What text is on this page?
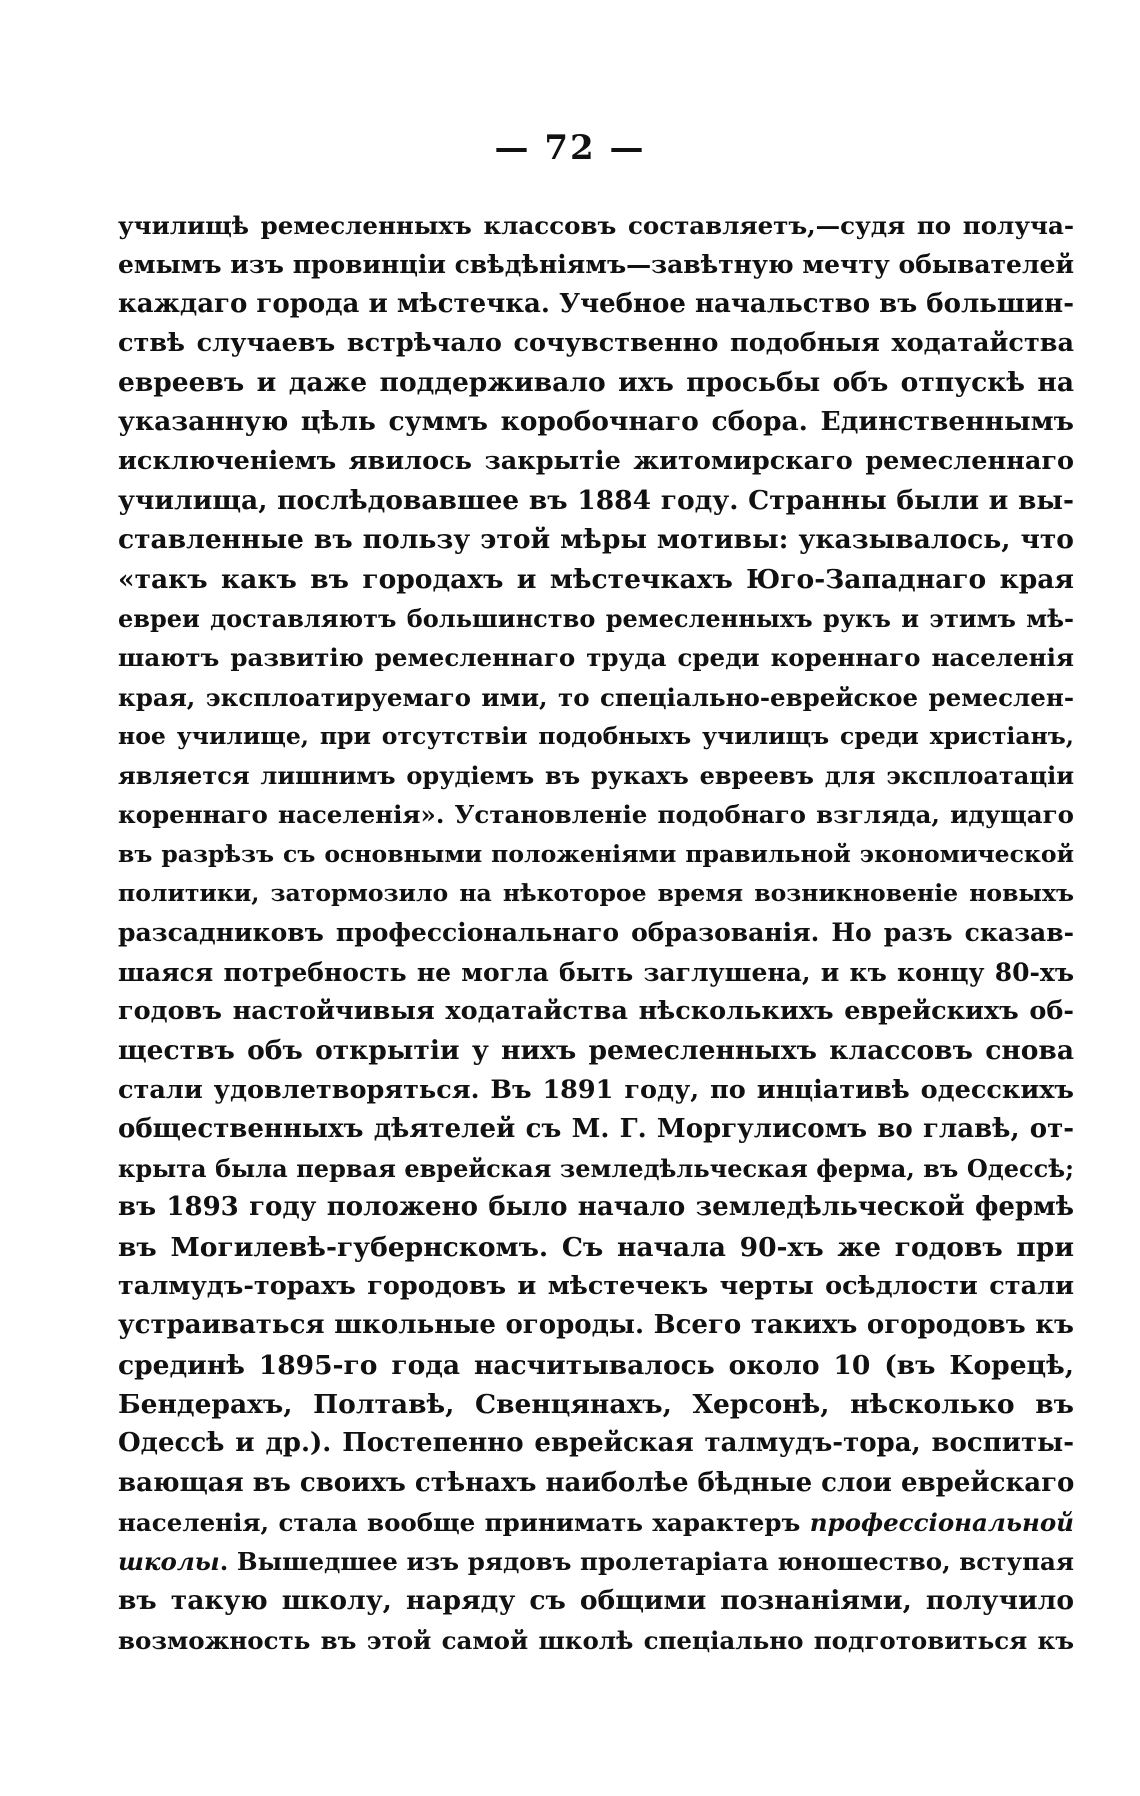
— 72 —
училищѣ ремесленныхъ классовъ составляетъ,—судя по получа-
емымъ изъ провинціи свѣдѣніямъ—завѣтную мечту обывателей
каждаго города и мѣстечка. Учебное начальство въ большин-
ствѣ случаевъ встрѣчало сочувственно подобныя ходатайства
евреевъ и даже поддерживало ихъ просьбы объ отпускѣ на
указанную цѣль суммъ коробочнаго сбора. Единственнымъ
исключеніемъ явилось закрытіе житомирскаго ремесленнаго
училища, послѣдовавшее въ 1884 году. Странны были и вы-
ставленные въ пользу этой мѣры мотивы: указывалось, что
«такъ какъ въ городахъ и мѣстечкахъ Юго-Западнаго края
евреи доставляютъ большинство ремесленныхъ рукъ и этимъ мѣ-
шаютъ развитію ремесленнаго труда среди кореннаго населенія
края, эксплоатируемаго ими, то спеціально-еврейское ремеслен-
ное училище, при отсутствіи подобныхъ училищъ среди христіанъ,
является лишнимъ орудіемъ въ рукахъ евреевъ для эксплоатаціи
кореннаго населенія». Установленіе подобнаго взгляда, идущаго
въ разрѣзъ съ основными положеніями правильной экономической
политики, затормозило на нѣкоторое время возникновеніе новыхъ
разсадниковъ профессіональнаго образованія. Но разъ сказав-
шаяся потребность не могла быть заглушена, и къ концу 80-хъ
годовъ настойчивыя ходатайства нѣсколькихъ еврейскихъ об-
ществъ объ открытіи у нихъ ремесленныхъ классовъ снова
стали удовлетворяться. Въ 1891 году, по инціативѣ одесскихъ
общественныхъ дѣятелей съ М. Г. Моргулисомъ во главѣ, от-
крыта была первая еврейская земледѣльческая ферма, въ Одессѣ;
въ 1893 году положено было начало земледѣльческой фермѣ
въ Могилевѣ-губернскомъ. Съ начала 90-хъ же годовъ при
талмудъ-торахъ городовъ и мѣстечекъ черты осѣдлости стали
устраиваться школьные огороды. Всего такихъ огородовъ къ
срединѣ 1895-го года насчитывалось около 10 (въ Корецѣ,
Бендерахъ, Полтавѣ, Свенцянахъ, Херсонѣ, нѣсколько въ
Одессѣ и др.). Постепенно еврейская талмудъ-тора, воспиты-
вающая въ своихъ стѣнахъ наиболѣе бѣдные слои еврейскаго
населенія, стала вообще принимать характеръ профессіональной
школы. Вышедшее изъ рядовъ пролетаріата юношество, вступая
въ такую школу, наряду съ общими познаніями, получило
возможность въ этой самой школѣ спеціально подготовиться къ
